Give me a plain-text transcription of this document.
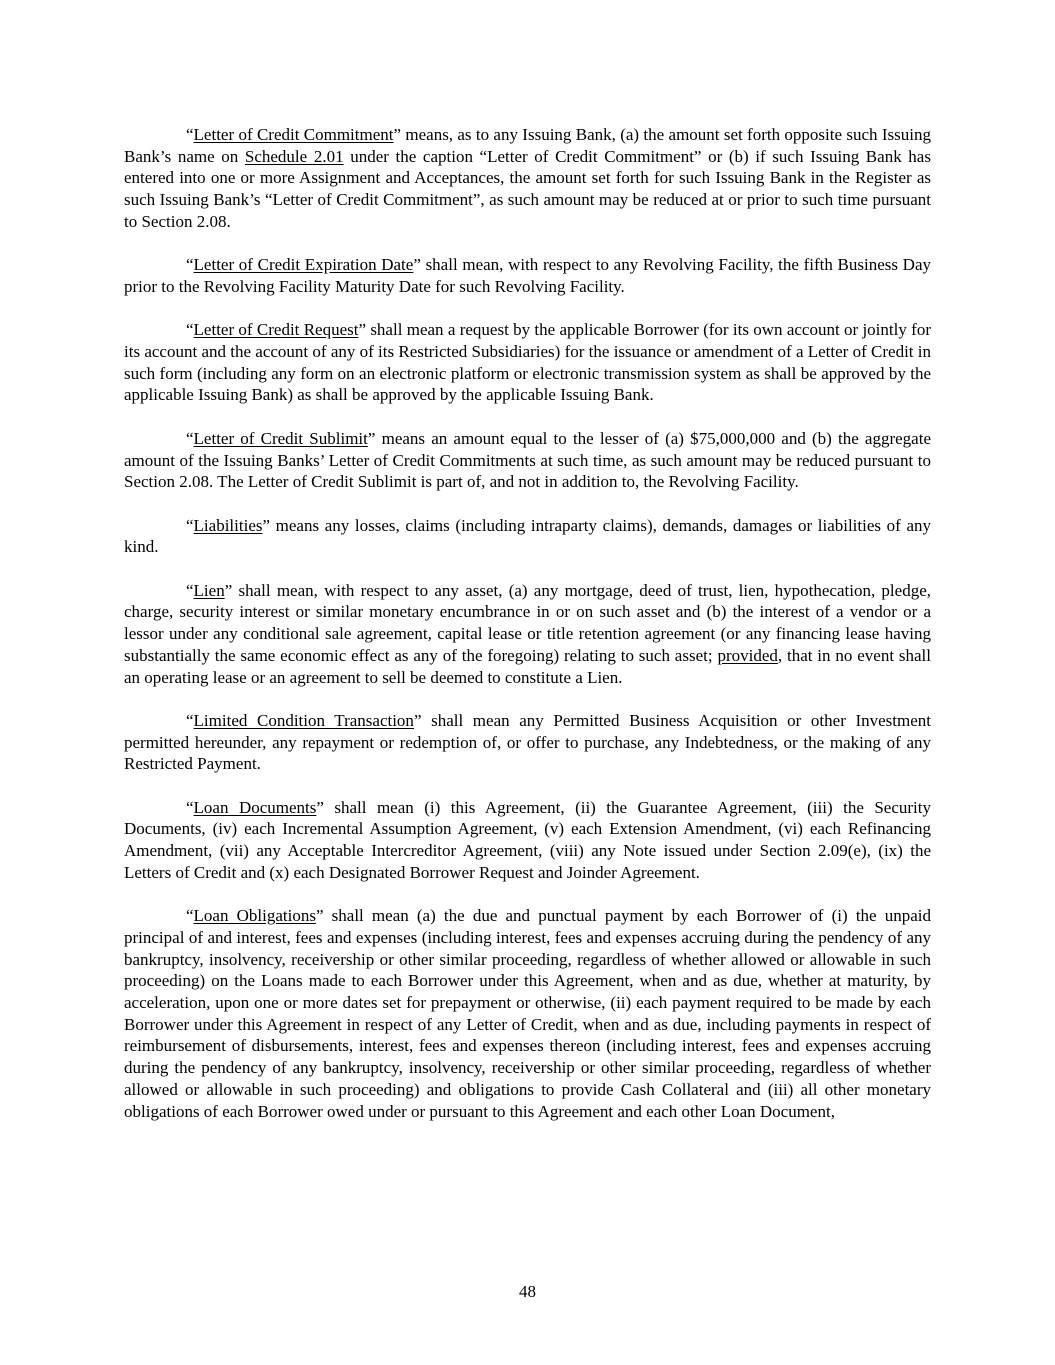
“Letter of Credit Commitment” means, as to any Issuing Bank, (a) the amount set forth opposite such Issuing Bank’s name on Schedule 2.01 under the caption “Letter of Credit Commitment” or (b) if such Issuing Bank has entered into one or more Assignment and Acceptances, the amount set forth for such Issuing Bank in the Register as such Issuing Bank’s “Letter of Credit Commitment”, as such amount may be reduced at or prior to such time pursuant to Section 2.08.

“Letter of Credit Expiration Date” shall mean, with respect to any Revolving Facility, the fifth Business Day prior to the Revolving Facility Maturity Date for such Revolving Facility.

“Letter of Credit Request” shall mean a request by the applicable Borrower (for its own account or jointly for its account and the account of any of its Restricted Subsidiaries) for the issuance or amendment of a Letter of Credit in such form (including any form on an electronic platform or electronic transmission system as shall be approved by the applicable Issuing Bank) as shall be approved by the applicable Issuing Bank.

“Letter of Credit Sublimit” means an amount equal to the lesser of (a) $75,000,000 and (b) the aggregate amount of the Issuing Banks’ Letter of Credit Commitments at such time, as such amount may be reduced pursuant to Section 2.08. The Letter of Credit Sublimit is part of, and not in addition to, the Revolving Facility.

“Liabilities” means any losses, claims (including intraparty claims), demands, damages or liabilities of any kind.

“Lien” shall mean, with respect to any asset, (a) any mortgage, deed of trust, lien, hypothecation, pledge, charge, security interest or similar monetary encumbrance in or on such asset and (b) the interest of a vendor or a lessor under any conditional sale agreement, capital lease or title retention agreement (or any financing lease having substantially the same economic effect as any of the foregoing) relating to such asset; provided, that in no event shall an operating lease or an agreement to sell be deemed to constitute a Lien.

“Limited Condition Transaction” shall mean any Permitted Business Acquisition or other Investment permitted hereunder, any repayment or redemption of, or offer to purchase, any Indebtedness, or the making of any Restricted Payment.

“Loan Documents” shall mean (i) this Agreement, (ii) the Guarantee Agreement, (iii) the Security Documents, (iv) each Incremental Assumption Agreement, (v) each Extension Amendment, (vi) each Refinancing Amendment, (vii) any Acceptable Intercreditor Agreement, (viii) any Note issued under Section 2.09(e), (ix) the Letters of Credit and (x) each Designated Borrower Request and Joinder Agreement.

“Loan Obligations” shall mean (a) the due and punctual payment by each Borrower of (i) the unpaid principal of and interest, fees and expenses (including interest, fees and expenses accruing during the pendency of any bankruptcy, insolvency, receivership or other similar proceeding, regardless of whether allowed or allowable in such proceeding) on the Loans made to each Borrower under this Agreement, when and as due, whether at maturity, by acceleration, upon one or more dates set for prepayment or otherwise, (ii) each payment required to be made by each Borrower under this Agreement in respect of any Letter of Credit, when and as due, including payments in respect of reimbursement of disbursements, interest, fees and expenses thereon (including interest, fees and expenses accruing during the pendency of any bankruptcy, insolvency, receivership or other similar proceeding, regardless of whether allowed or allowable in such proceeding) and obligations to provide Cash Collateral and (iii) all other monetary obligations of each Borrower owed under or pursuant to this Agreement and each other Loan Document,

48
